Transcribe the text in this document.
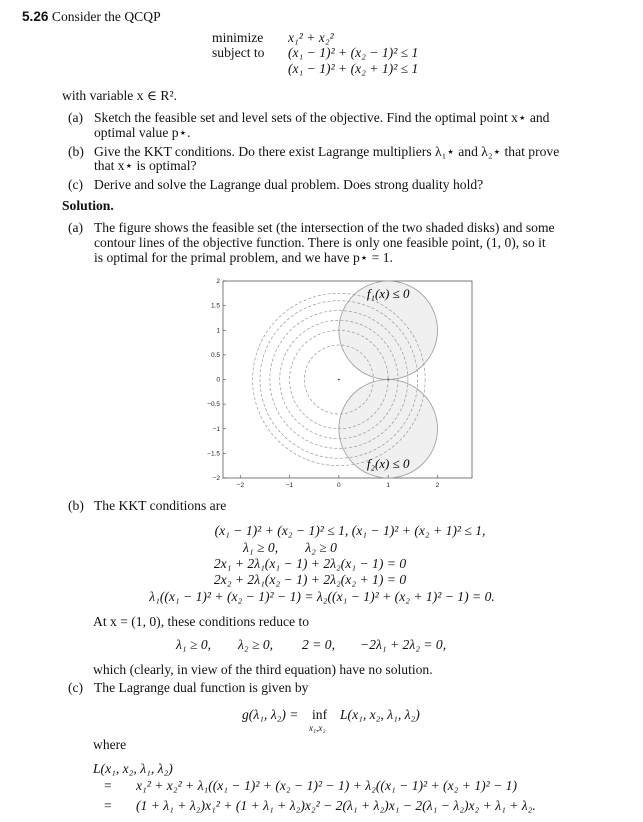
5.26 Consider the QCQP
minimize x₁² + x₂²
subject to (x₁ − 1)² + (x₂ − 1)² ≤ 1
(x₁ − 1)² + (x₂ + 1)² ≤ 1
with variable x ∈ R².
(a) Sketch the feasible set and level sets of the objective. Find the optimal point x⋆ and
optimal value p⋆.
(b) Give the KKT conditions. Do there exist Lagrange multipliers λ₁⋆ and λ₂⋆ that prove
that x⋆ is optimal?
(c) Derive and solve the Lagrange dual problem. Does strong duality hold?
Solution.
(a) The figure shows the feasible set (the intersection of the two shaded disks) and some
contour lines of the objective function. There is only one feasible point, (1, 0), so it
is optimal for the primal problem, and we have p⋆ = 1.
−2	−1	0	1	2
2
1.5
1
0.5
0
−0.5
−1
−1.5
−2
×
f₁(x) ≤ 0
f₂(x) ≤ 0
(b) The KKT conditions are
(x₁ − 1)² + (x₂ − 1)² ≤ 1, (x₁ − 1)² + (x₂ + 1)² ≤ 1,
λ₁ ≥ 0,        λ₂ ≥ 0
2x₁ + 2λ₁(x₁ − 1) + 2λ₂(x₁ − 1) = 0
2x₂ + 2λ₁(x₂ − 1) + 2λ₂(x₂ + 1) = 0
λ₁((x₁ − 1)² + (x₂ − 1)² − 1) = λ₂((x₁ − 1)² + (x₂ + 1)² − 1) = 0.
At x = (1, 0), these conditions reduce to
λ₁ ≥ 0, λ₂ ≥ 0, 2 = 0, −2λ₁ + 2λ₂ = 0,
which (clearly, in view of the third equation) have no solution.
(c) The Lagrange dual function is given by
g(λ₁, λ₂) = inf
x₁,x₂
L(x₁, x₂, λ₁, λ₂)
where
L(x₁, x₂, λ₁, λ₂)
= x₁² + x₂² + λ₁((x₁ − 1)² + (x₂ − 1)² − 1) + λ₂((x₁ − 1)² + (x₂ + 1)² − 1)
= (1 + λ₁ + λ₂)x₁² + (1 + λ₁ + λ₂)x₂² − 2(λ₁ + λ₂)x₁ − 2(λ₁ − λ₂)x₂ + λ₁ + λ₂.
